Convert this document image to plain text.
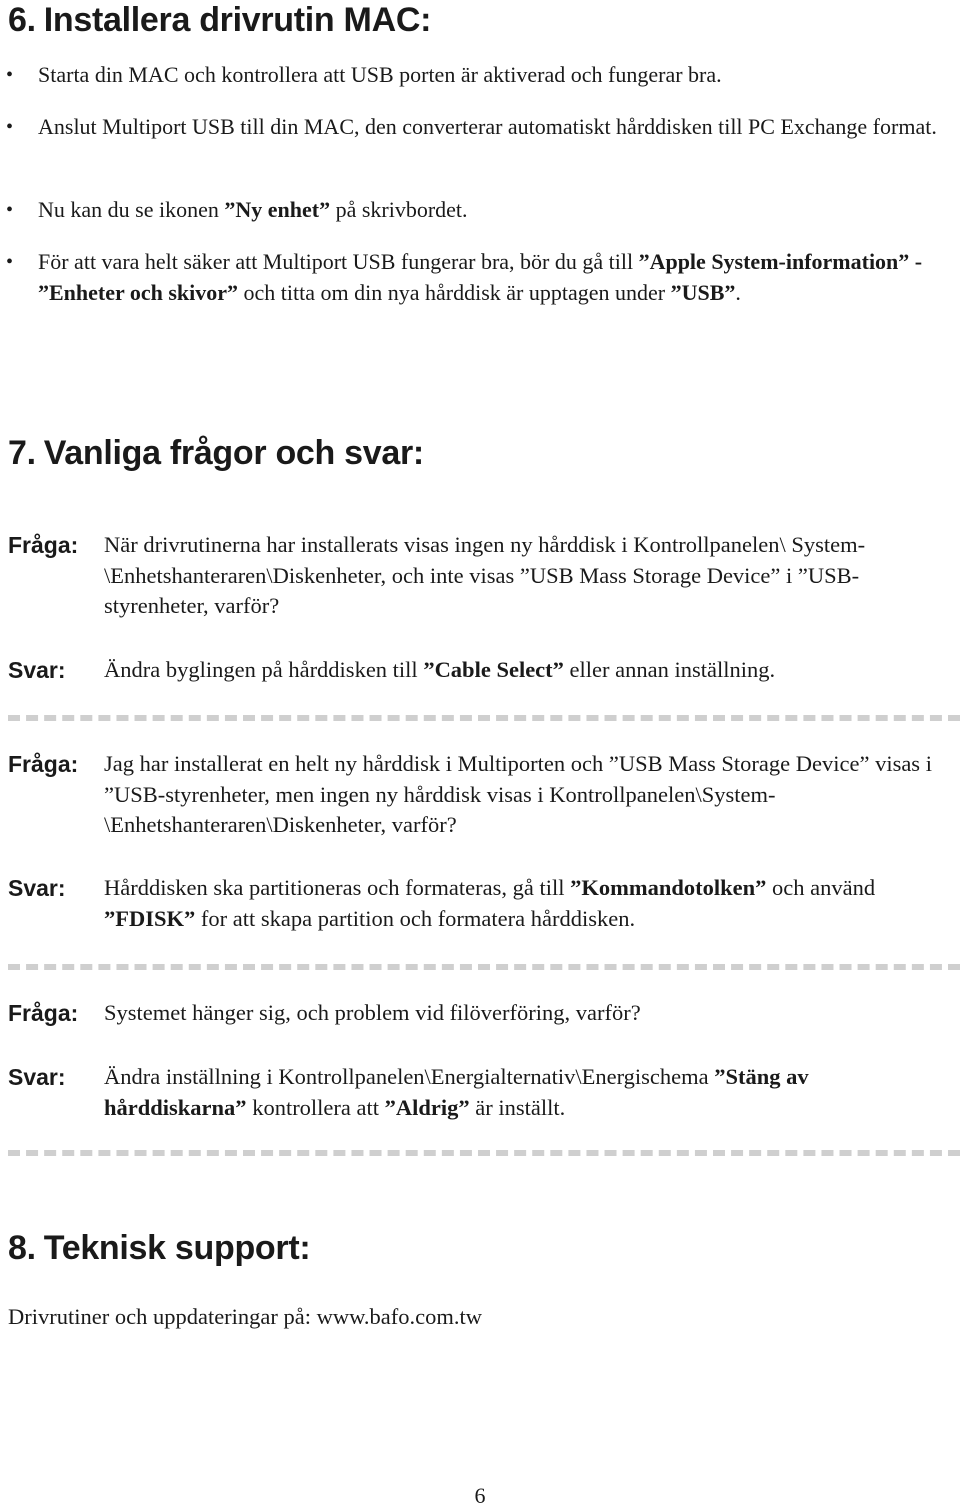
6. Installera drivrutin MAC:
• Starta din MAC och kontrollera att USB porten är aktiverad och fungerar bra.
• Anslut Multiport USB till din MAC, den converterar automatiskt hårddisken till PC Exchange format.
• Nu kan du se ikonen ”Ny enhet” på skrivbordet.
• För att vara helt säker att Multiport USB fungerar bra, bör du gå till ”Apple System-information” - ”Enheter och skivor” och titta om din nya hårddisk är upptagen under ”USB”.
7. Vanliga frågor och svar:
Fråga: När drivrutinerna har installerats visas ingen ny hårddisk i Kontrollpanelen\ System-\Enhetshanteraren\Diskenheter, och inte visas ”USB Mass Storage Device” i ”USB-styrenheter, varför?
Svar: Ändra byglingen på hårddisken till ”Cable Select” eller annan inställning.
Fråga: Jag har installerat en helt ny hårddisk i Multiporten och ”USB Mass Storage Device” visas i ”USB-styrenheter, men ingen ny hårddisk visas i Kontrollpanelen\System-\Enhetshanteraren\Diskenheter, varför?
Svar: Hårddisken ska partitioneras och formateras, gå till ”Kommandotolken” och använd ”FDISK” for att skapa partition och formatera hårddisken.
Fråga: Systemet hänger sig, och problem vid filöverföring, varför?
Svar: Ändra inställning i Kontrollpanelen\Energialternativ\Energischema ”Stäng av hårddiskarna” kontrollera att ”Aldrig” är inställt.
8. Teknisk support:
Drivrutiner och uppdateringar på: www.bafo.com.tw
6
